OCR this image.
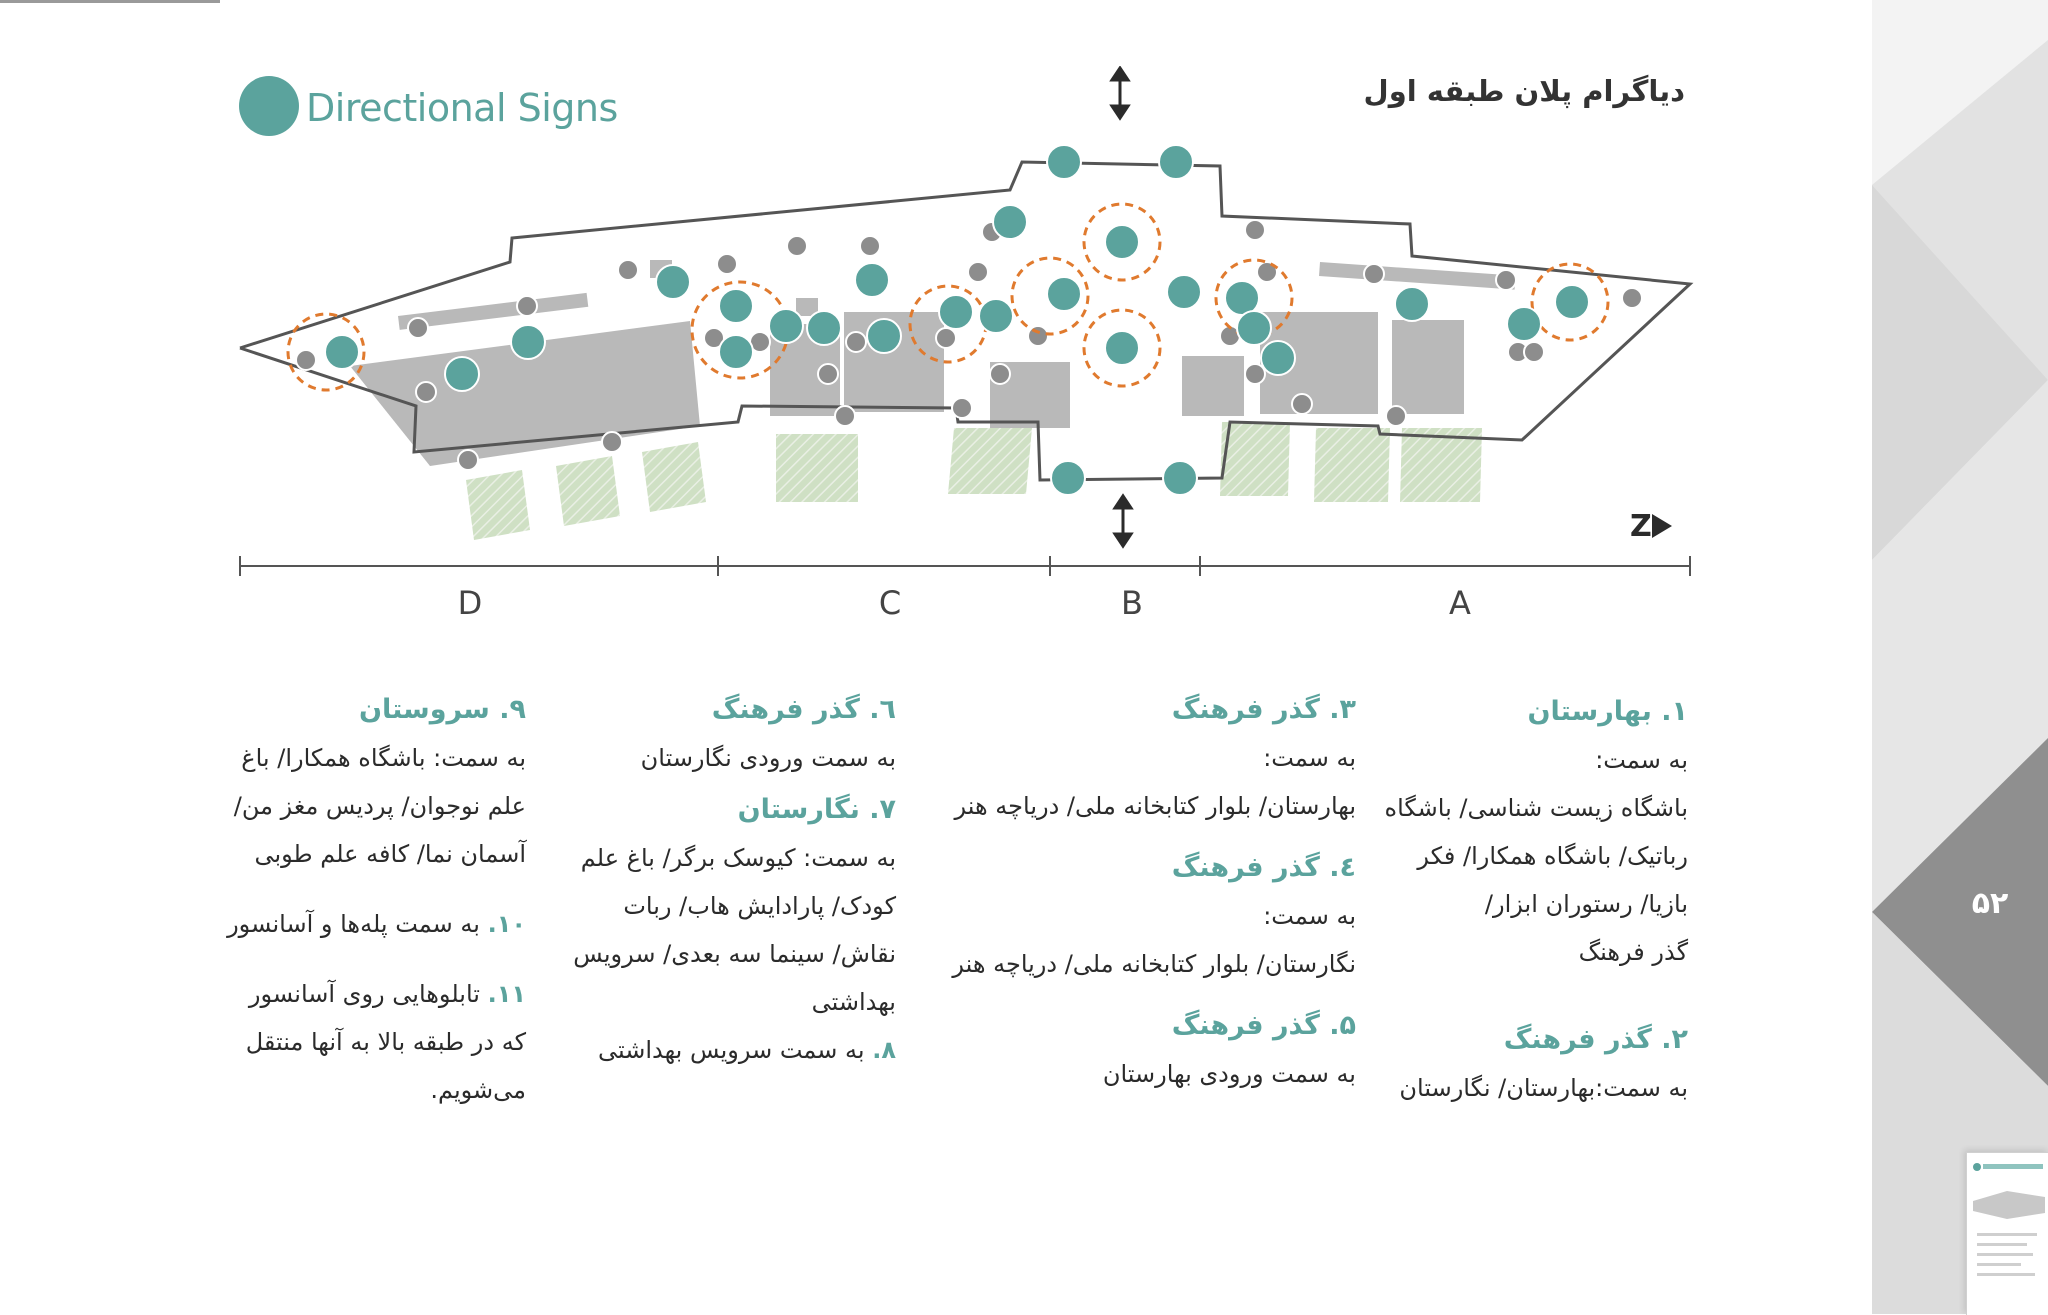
۵۲
Directional Signs	دیاگرام پلان طبقه اول
Z
D	C	B	A
۱. بهارستان

به سمت:

باشگاه زیست شناسی/ باشگاه

رباتیک/ باشگاه همکارا/ فکر

بازیا/ رستوران ابزار/

گذر فرهنگ

۲. گذر فرهنگ

به سمت:بهارستان/ نگارستان

۳. گذر فرهنگ

به سمت:

بهارستان/ بلوار کتابخانه ملی/ دریاچه هنر

٤. گذر فرهنگ

به سمت:

نگارستان/ بلوار کتابخانه ملی/ دریاچه هنر

۵. گذر فرهنگ

به سمت ورودی بهارستان

٦. گذر فرهنگ

به سمت ورودی نگارستان

۷. نگارستان

به سمت: کیوسک برگر/ باغ علم

کودک/ پارادایش هاب/ ربات

نقاش/ سینما سه بعدی/ سرویس

بهداشتی

۸. به سمت سرویس بهداشتی

۹. سروستان

به سمت: باشگاه همکارا/ باغ

علم نوجوان/ پردیس مغز من/

آسمان نما/ کافه علم طوبی

۱۰. به سمت پله‌ها و آسانسور

۱۱. تابلوهایی روی آسانسور

که در طبقه بالا به آنها منتقل

می‌شویم.
